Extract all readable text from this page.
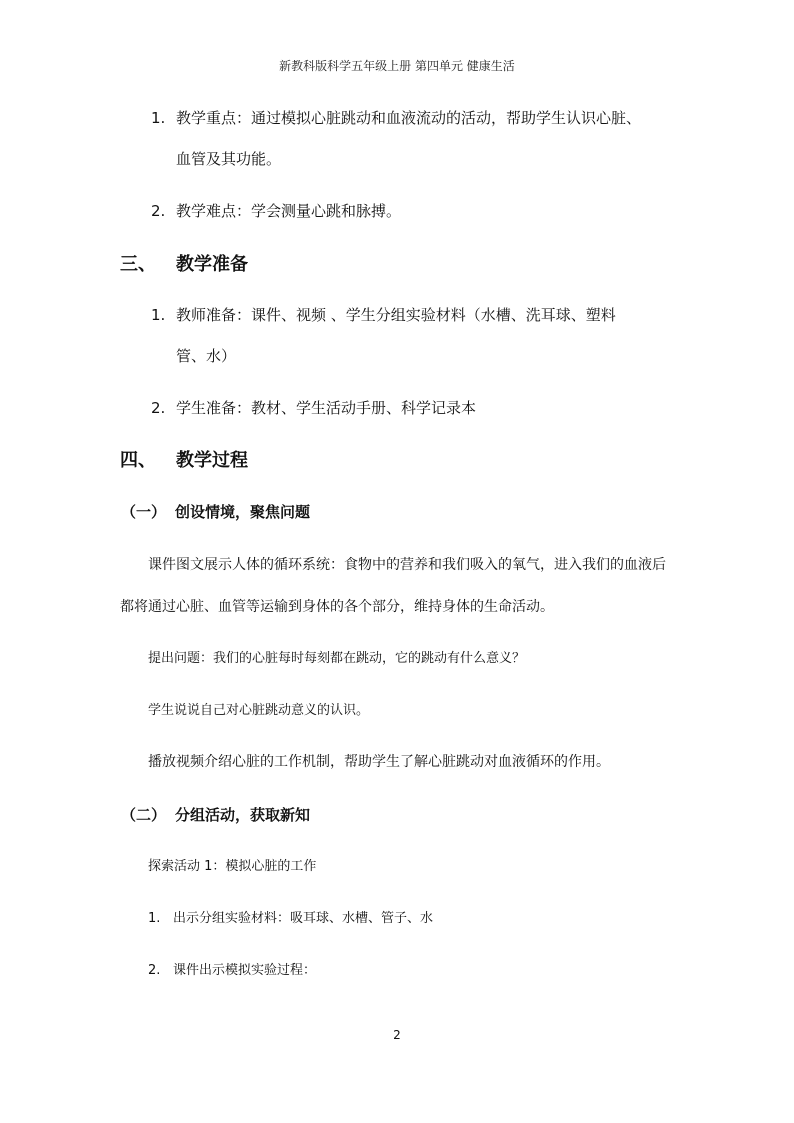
新教科版科学五年级上册 第四单元 健康生活
1. 教学重点：通过模拟心脏跳动和血液流动的活动，帮助学生认识心脏、
血管及其功能。
2. 教学难点：学会测量心跳和脉搏。
三、 教学准备
1. 教师准备：课件、视频 、学生分组实验材料（水槽、洗耳球、塑料
管、水）
2. 学生准备：教材、学生活动手册、科学记录本
四、 教学过程
（一） 创设情境，聚焦问题
课件图文展示人体的循环系统：食物中的营养和我们吸入的氧气，进入我们的血液后
都将通过心脏、血管等运输到身体的各个部分，维持身体的生命活动。
提出问题：我们的心脏每时每刻都在跳动，它的跳动有什么意义？
学生说说自己对心脏跳动意义的认识。
播放视频介绍心脏的工作机制，帮助学生了解心脏跳动对血液循环的作用。
（二） 分组活动，获取新知
探索活动 1：模拟心脏的工作
1. 出示分组实验材料：吸耳球、水槽、管子、水
2. 课件出示模拟实验过程：
2
